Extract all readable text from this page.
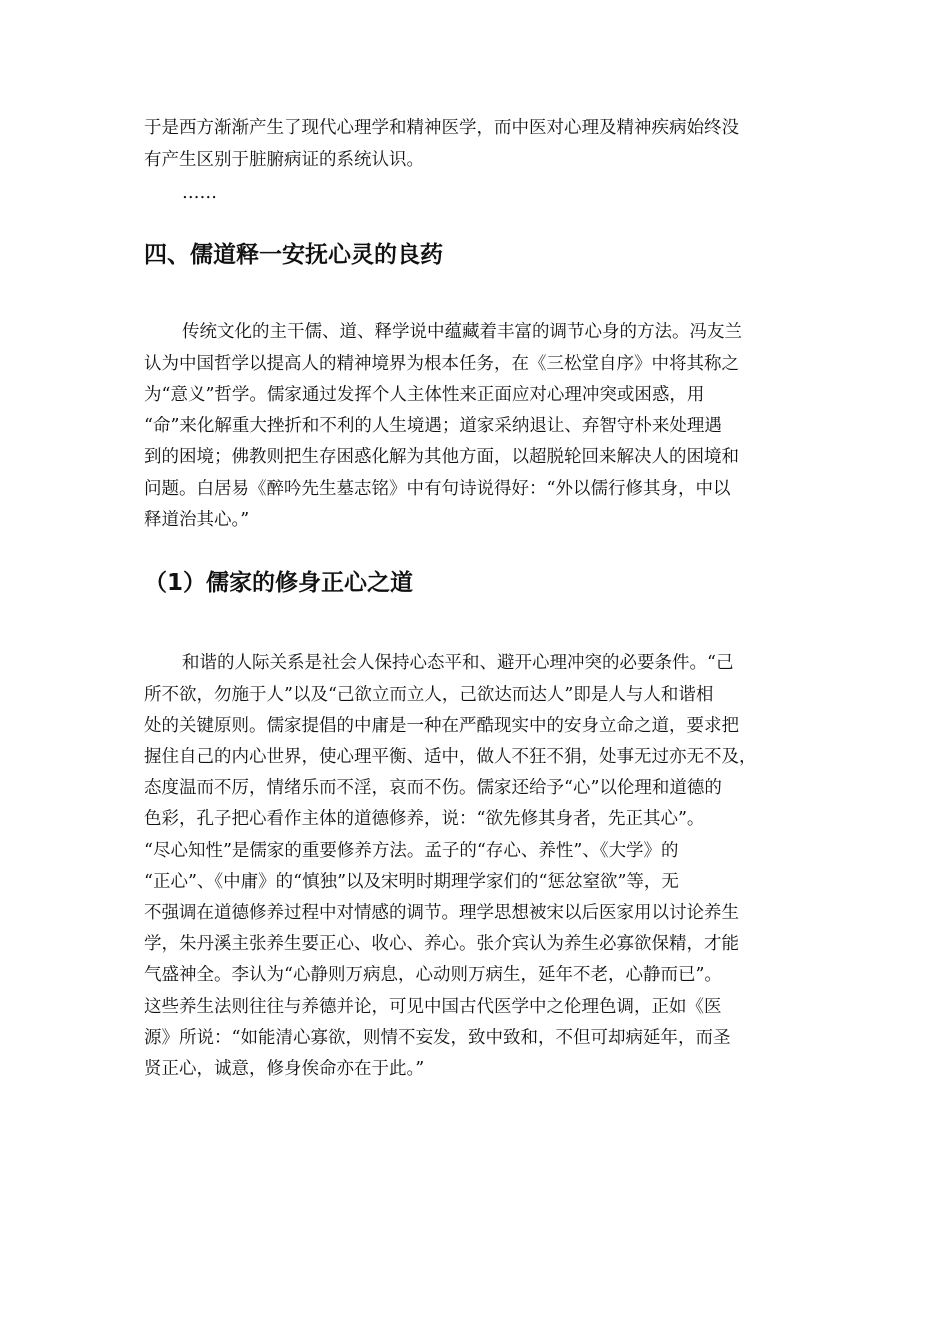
于是西方渐渐产生了现代心理学和精神医学，而中医对心理及精神疾病始终没
有产生区别于脏腑病证的系统认识。
……
四、儒道释一安抚心灵的良药
传统文化的主干儒、道、释学说中蕴藏着丰富的调节心身的方法。冯友兰
认为中国哲学以提高人的精神境界为根本任务，在《三松堂自序》中将其称之
为“意义”哲学。儒家通过发挥个人主体性来正面应对心理冲突或困惑，用
“命”来化解重大挫折和不利的人生境遇；道家采纳退让、弃智守朴来处理遇
到的困境；佛教则把生存困惑化解为其他方面，以超脱轮回来解决人的困境和
问题。白居易《醉吟先生墓志铭》中有句诗说得好：“外以儒行修其身，中以
释道治其心。”
（1）儒家的修身正心之道
和谐的人际关系是社会人保持心态平和、避开心理冲突的必要条件。“己
所不欲，勿施于人”以及“己欲立而立人，己欲达而达人”即是人与人和谐相
处的关键原则。儒家提倡的中庸是一种在严酷现实中的安身立命之道，要求把
握住自己的内心世界，使心理平衡、适中，做人不狂不狷，处事无过亦无不及，
态度温而不厉，情绪乐而不淫，哀而不伤。儒家还给予“心”以伦理和道德的
色彩，孔子把心看作主体的道德修养，说：“欲先修其身者，先正其心”。
“尽心知性”是儒家的重要修养方法。孟子的“存心、养性”、《大学》的
“正心”、《中庸》的“慎独”以及宋明时期理学家们的“惩忿窒欲”等，无
不强调在道德修养过程中对情感的调节。理学思想被宋以后医家用以讨论养生
学，朱丹溪主张养生要正心、收心、养心。张介宾认为养生必寡欲保精，才能
气盛神全。李认为“心静则万病息，心动则万病生，延年不老，心静而已”。
这些养生法则往往与养德并论，可见中国古代医学中之伦理色调，正如《医
源》所说：“如能清心寡欲，则情不妄发，致中致和，不但可却病延年，而圣
贤正心，诚意，修身俟命亦在于此。”
